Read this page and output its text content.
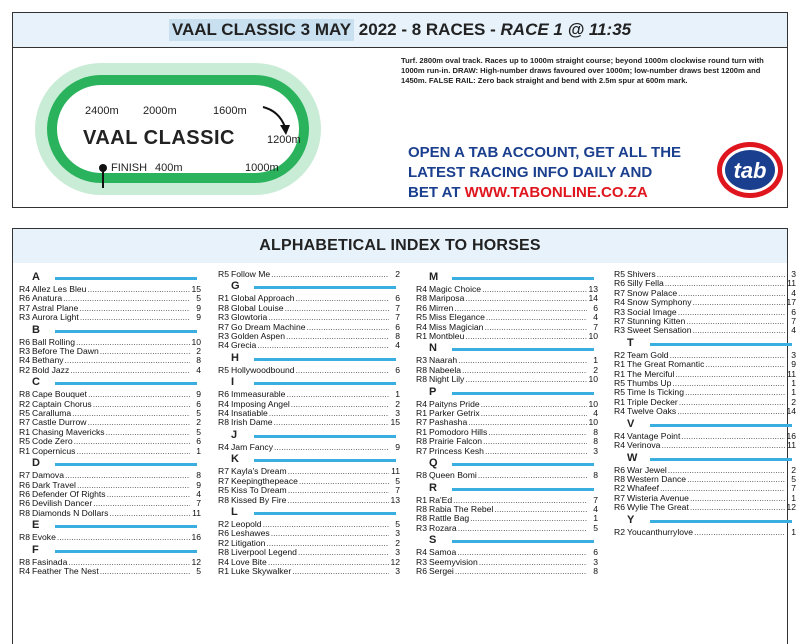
VAAL CLASSIC 3 MAY
2022 - 8 RACES -
RACE 1 @ 11:35
2400m 2000m	1600m
1200m
FINISH 400m	1000m
VAAL CLASSIC
Turf. 2800m oval track. Races up to 1000m straight course; beyond 1000m clockwise round turn with 1000m run-in. DRAW: High-number draws favoured over 1000m; low-number draws best 1200m and 1450m. FALSE RAIL: Zero back straight and bend with 2.5m spur at 600m mark.
OPEN A TAB ACCOUNT, GET ALL THE
LATEST RACING INFO DAILY AND
BET AT WWW.TABONLINE.CO.ZA
tab
ALPHABETICAL INDEX TO HORSES
A
R4 Allez Les Bleu .....	15
R6 Anatura .....	5
R7 Astral Plane .....	9
R3 Aurora Light .....	9
B
R6 Ball Rolling .....	10
R3 Before The Dawn .....	2
R4 Bethany .....	8
R2 Bold Jazz .....	4
C
R8 Cape Bouquet .....	9
R2 Captain Chorus .....	6
R5 Caralluma .....	5
R7 Castle Durrow .....	2
R1 Chasing Mavericks .....	5
R5 Code Zero .....	6
R1 Copernicus .....	1
D
R7 Damova .....	8
R6 Dark Travel .....	9
R6 Defender Of Rights .....	4
R6 Devilish Dancer .....	7
R8 Diamonds N Dollars .....	11
E
R8 Evoke .....	16
F
R8 Fasinada .....	12
R4 Feather The Nest .....	5
R5 Follow Me .....	2
G
R1 Global Approach .....	6
R8 Global Louise .....	7
R3 Glowtoria .....	7
R7 Go Dream Machine .....	6
R3 Golden Aspen .....	8
R4 Grecia .....	4
H
R5 Hollywoodbound .....	6
I
R6 Immeasurable .....	1
R4 Imposing Angel .....	2
R4 Insatiable .....	3
R8 Irish Dame .....	15
J
R4 Jam Fancy .....	9
K
R7 Kayla's Dream .....	11
R7 Keepingthepeace .....	5
R5 Kiss To Dream .....	7
R8 Kissed By Fire .....	13
L
R2 Leopold .....	5
R6 Leshawes .....	3
R2 Litigation .....	2
R8 Liverpool Legend .....	3
R4 Love Bite .....	12
R1 Luke Skywalker .....	3
M
R4 Magic Choice .....	13
R8 Mariposa .....	14
R6 Mirren .....	6
R5 Miss Elegance .....	4
R4 Miss Magician .....	7
R1 Montbleu .....	10
N
R3 Naarah .....	1
R8 Nabeela .....	2
R8 Night Lily .....	10
P
R4 Paityns Pride .....	10
R1 Parker Getrix .....	4
R7 Pashasha .....	10
R1 Pomodoro Hills .....	8
R8 Prairie Falcon .....	8
R7 Princess Kesh .....	3
Q
R8 Queen Bomi .....	8
R
R1 Ra'Ed .....	7
R8 Rabia The Rebel .....	4
R8 Rattle Bag .....	1
R3 Rozara .....	5
S
R4 Samoa .....	6
R3 Seemyvision .....	3
R6 Sergei .....	8
R5 Shivers .....	3
R6 Silly Fella .....	11
R7 Snow Palace .....	4
R4 Snow Symphony .....	17
R3 Social Image .....	6
R7 Stunning Kitten .....	7
R3 Sweet Sensation .....	4
T
R2 Team Gold .....	3
R1 The Great Romantic .....	9
R1 The Merciful .....	11
R5 Thumbs Up .....	1
R5 Time Is Ticking .....	1
R1 Triple Decker .....	2
R4 Twelve Oaks .....	14
V
R4 Vantage Point .....	16
R4 Verinova .....	11
W
R6 War Jewel .....	2
R8 Western Dance .....	5
R2 Whafeef .....	7
R7 Wisteria Avenue .....	1
R6 Wylie The Great .....	12
Y
R2 Youcanthurrylove .....	1
